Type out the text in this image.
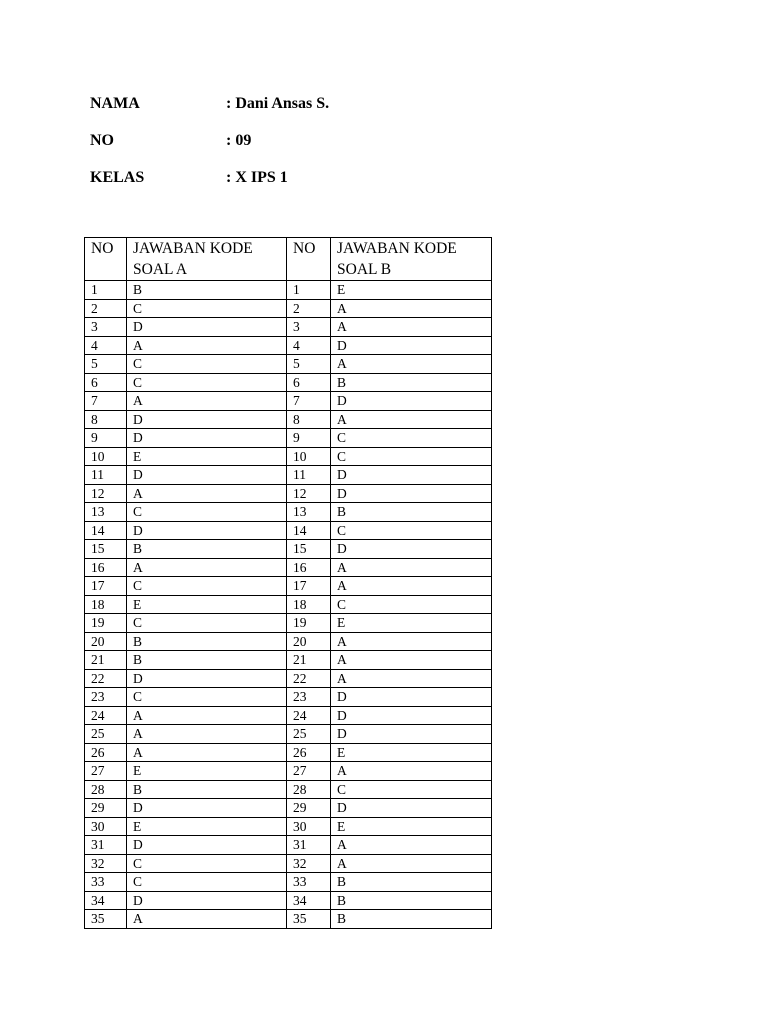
NAMA	: Dani Ansas S.
NO	: 09
KELAS	: X IPS 1
NO	JAWABAN KODE SOAL A	NO	JAWABAN KODE SOAL B
1	B	1	E
2	C	2	A
3	D	3	A
4	A	4	D
5	C	5	A
6	C	6	B
7	A	7	D
8	D	8	A
9	D	9	C
10	E	10	C
11	D	11	D
12	A	12	D
13	C	13	B
14	D	14	C
15	B	15	D
16	A	16	A
17	C	17	A
18	E	18	C
19	C	19	E
20	B	20	A
21	B	21	A
22	D	22	A
23	C	23	D
24	A	24	D
25	A	25	D
26	A	26	E
27	E	27	A
28	B	28	C
29	D	29	D
30	E	30	E
31	D	31	A
32	C	32	A
33	C	33	B
34	D	34	B
35	A	35	B
